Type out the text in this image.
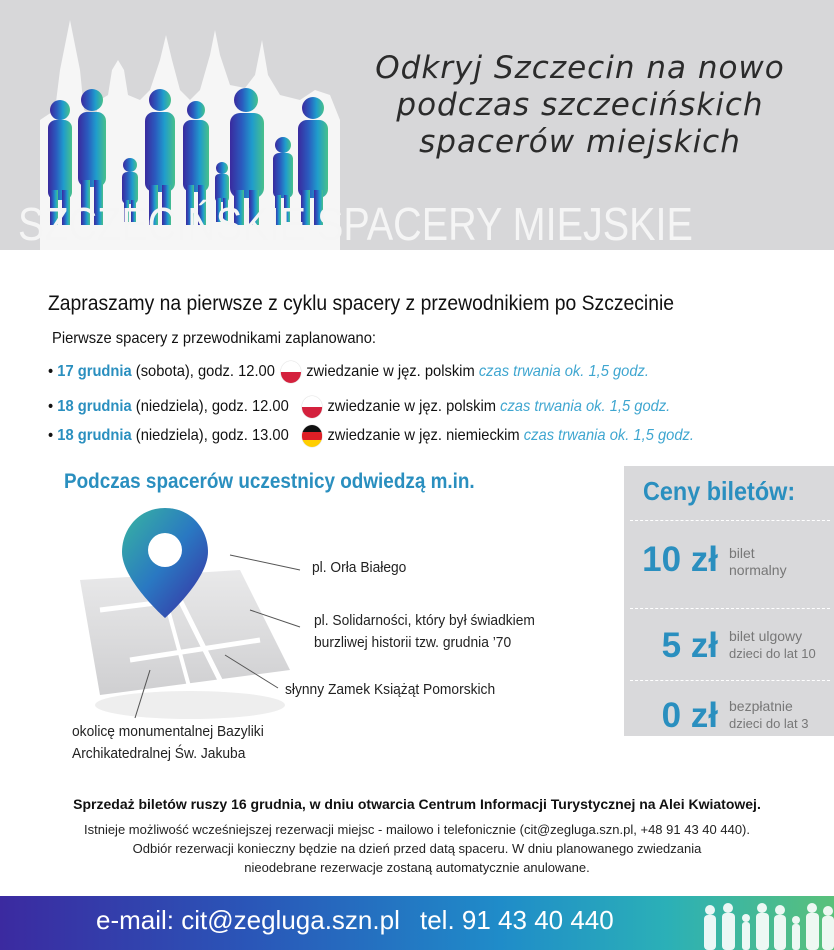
Odkryj Szczecin na nowo
podczas szczecińskich
spacerów miejskich
SZCZECIŃSKIE SPACERY MIEJSKIE
Zapraszamy na pierwsze z cyklu spacery z przewodnikiem po Szczecinie
Pierwsze spacery z przewodnikami zaplanowano:
•
17 grudnia
(sobota), godz. 12.00 zwiedzanie w jęz. polskim
czas trwania ok. 1,5 godz.
•
18 grudnia
(niedziela), godz. 12.00 zwiedzanie w jęz. polskim
czas trwania ok. 1,5 godz.
•
18 grudnia
(niedziela), godz. 13.00 zwiedzanie w jęz. niemieckim
czas trwania ok. 1,5 godz.
Podczas spacerów uczestnicy odwiedzą m.in.
pl. Orła Białego
pl. Solidarności, który był świadkiem
burzliwej historii tzw. grudnia ’70
słynny Zamek Książąt Pomorskich
okolicę monumentalnej Bazyliki
Archikatedralnej Św. Jakuba
Ceny biletów:
10 zł bilet
normalny
5 zł bilet ulgowy
dzieci do lat 10
0 zł bezpłatnie
dzieci do lat 3
Sprzedaż biletów ruszy 16 grudnia, w dniu otwarcia Centrum Informacji Turystycznej na Alei Kwiatowej.
Istnieje możliwość wcześniejszej rezerwacji miejsc - mailowo i telefonicznie (cit@zegluga.szn.pl, +48 91 43 40 440).
Odbiór rezerwacji konieczny będzie na dzień przed datą spaceru. W dniu planowanego zwiedzania
nieodebrane rezerwacje zostaną automatycznie anulowane.
e-mail: cit@zegluga.szn.pl tel. 91 43 40 440
